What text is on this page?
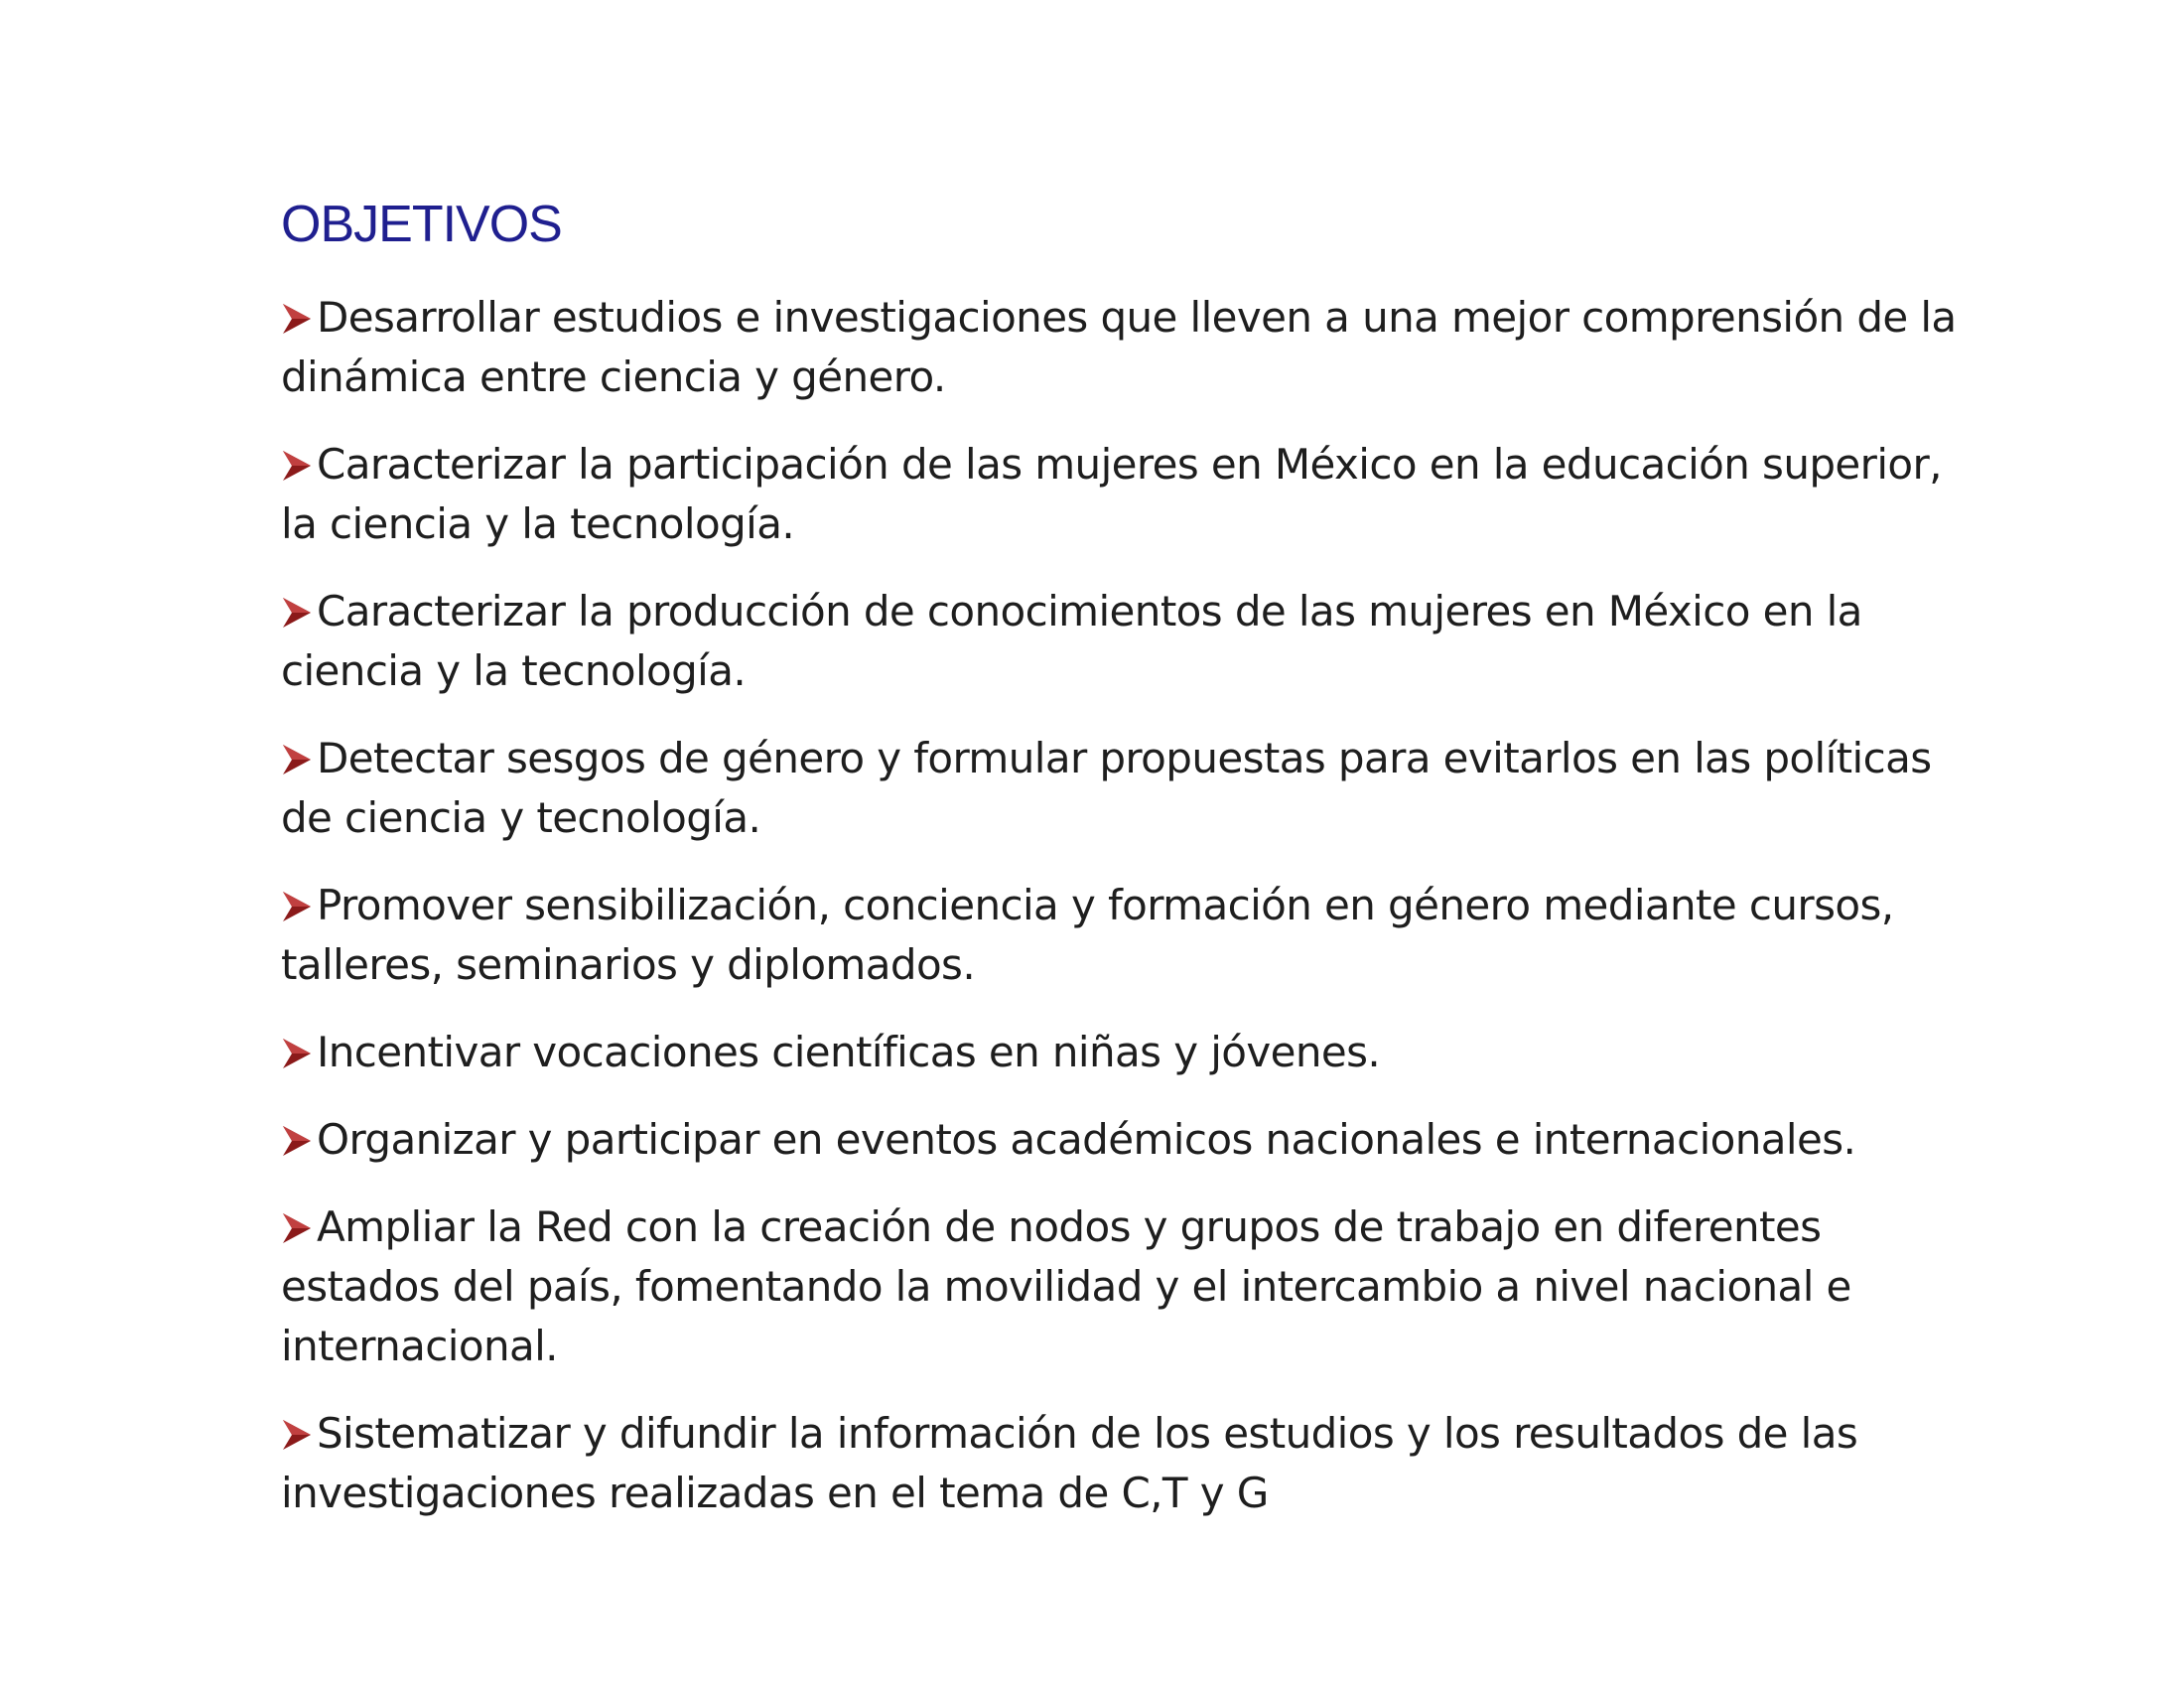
OBJETIVOS
Desarrollar estudios e investigaciones que lleven a una mejor comprensión de la dinámica entre ciencia y género.
Caracterizar la participación de las mujeres en México en la educación superior, la ciencia y la tecnología.
Caracterizar la producción de conocimientos de las mujeres en México en la ciencia y la tecnología.
Detectar sesgos de género y formular propuestas para evitarlos en las políticas de ciencia y tecnología.
Promover sensibilización, conciencia y formación en género mediante cursos, talleres, seminarios y diplomados.
Incentivar vocaciones científicas en niñas y jóvenes.
Organizar y participar en eventos académicos nacionales e internacionales.
Ampliar la Red con la creación de nodos y grupos de trabajo en diferentes estados del país, fomentando la movilidad y el intercambio a nivel nacional e internacional.
Sistematizar y difundir la información de los estudios y los resultados de las investigaciones realizadas en el tema de C,T y G
